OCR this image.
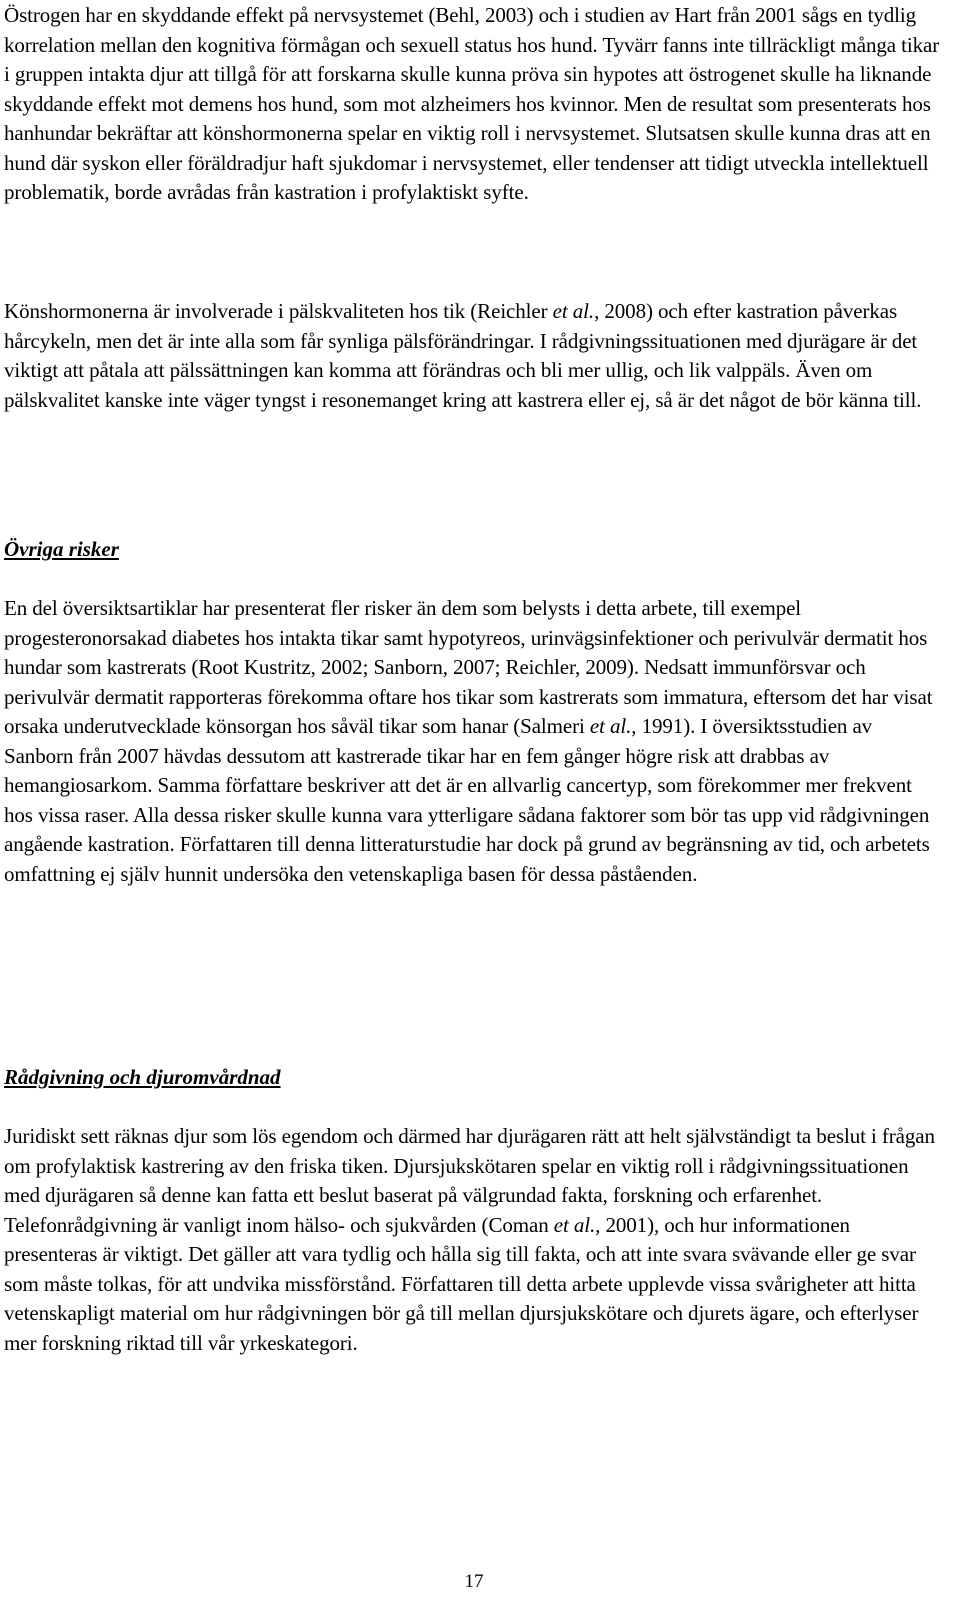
Östrogen har en skyddande effekt på nervsystemet (Behl, 2003) och i studien av Hart från 2001 sågs en tydlig korrelation mellan den kognitiva förmågan och sexuell status hos hund. Tyvärr fanns inte tillräckligt många tikar i gruppen intakta djur att tillgå för att forskarna skulle kunna pröva sin hypotes att östrogenet skulle ha liknande skyddande effekt mot demens hos hund, som mot alzheimers hos kvinnor. Men de resultat som presenterats hos hanhundar bekräftar att könshormonerna spelar en viktig roll i nervsystemet. Slutsatsen skulle kunna dras att en hund där syskon eller föräldradjur haft sjukdomar i nervsystemet, eller tendenser att tidigt utveckla intellektuell problematik, borde avrådas från kastration i profylaktiskt syfte.

Könshormonerna är involverade i pälskvaliteten hos tik (Reichler et al., 2008) och efter kastration påverkas hårcykeln, men det är inte alla som får synliga pälsförändringar. I rådgivningssituationen med djurägare är det viktigt att påtala att pälssättningen kan komma att förändras och bli mer ullig, och lik valppäls. Även om pälskvalitet kanske inte väger tyngst i resonemanget kring att kastrera eller ej, så är det något de bör känna till.

Övriga risker

En del översiktsartiklar har presenterat fler risker än dem som belysts i detta arbete, till exempel progesteronorsakad diabetes hos intakta tikar samt hypotyreos, urinvägsinfektioner och perivulvär dermatit hos hundar som kastrerats (Root Kustritz, 2002; Sanborn, 2007; Reichler, 2009). Nedsatt immunförsvar och perivulvär dermatit rapporteras förekomma oftare hos tikar som kastrerats som immatura, eftersom det har visat orsaka underutvecklade könsorgan hos såväl tikar som hanar (Salmeri et al., 1991). I översiktsstudien av Sanborn från 2007 hävdas dessutom att kastrerade tikar har en fem gånger högre risk att drabbas av hemangiosarkom. Samma författare beskriver att det är en allvarlig cancertyp, som förekommer mer frekvent hos vissa raser. Alla dessa risker skulle kunna vara ytterligare sådana faktorer som bör tas upp vid rådgivningen angående kastration. Författaren till denna litteraturstudie har dock på grund av begränsning av tid, och arbetets omfattning ej själv hunnit undersöka den vetenskapliga basen för dessa påståenden.

Rådgivning och djuromvårdnad

Juridiskt sett räknas djur som lös egendom och därmed har djurägaren rätt att helt självständigt ta beslut i frågan om profylaktisk kastrering av den friska tiken. Djursjukskötaren spelar en viktig roll i rådgivningssituationen med djurägaren så denne kan fatta ett beslut baserat på välgrundad fakta, forskning och erfarenhet. Telefonrådgivning är vanligt inom hälso- och sjukvården (Coman et al., 2001), och hur informationen presenteras är viktigt. Det gäller att vara tydlig och hålla sig till fakta, och att inte svara svävande eller ge svar som måste tolkas, för att undvika missförstånd. Författaren till detta arbete upplevde vissa svårigheter att hitta vetenskapligt material om hur rådgivningen bör gå till mellan djursjukskötare och djurets ägare, och efterlyser mer forskning riktad till vår yrkeskategori.

17
